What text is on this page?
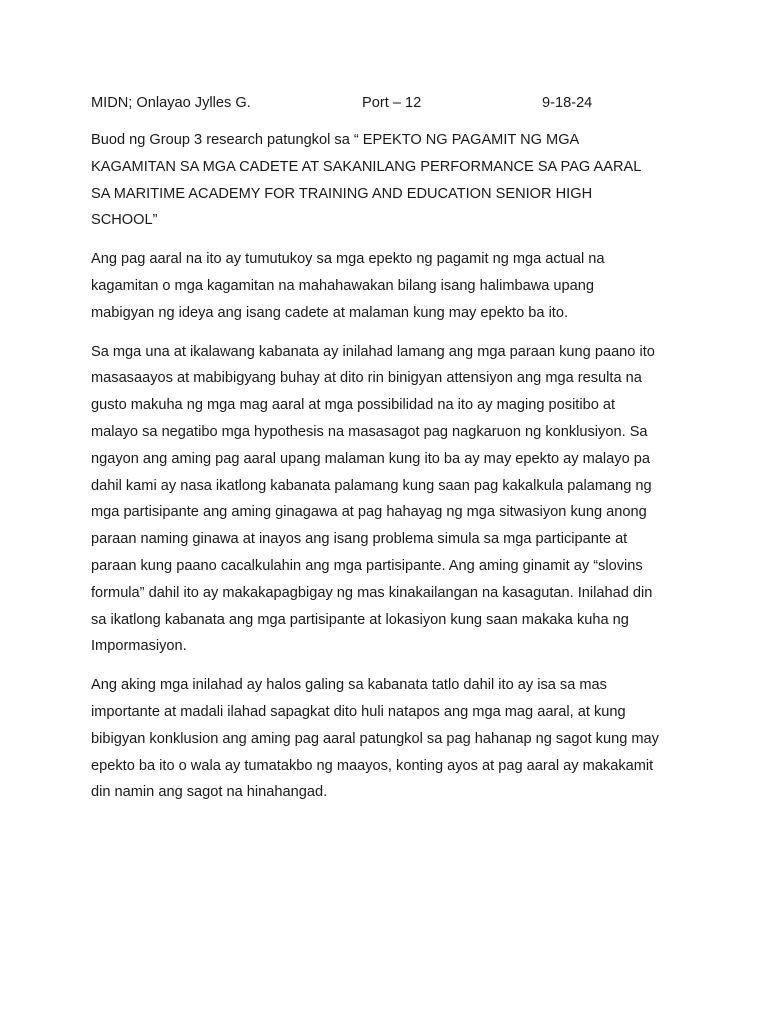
MIDN; Onlayao Jylles G.	Port – 12	9-18-24

Buod ng Group 3 research patungkol sa “ EPEKTO NG PAGAMIT NG MGA
KAGAMITAN SA MGA CADETE AT SAKANILANG PERFORMANCE SA PAG AARAL
SA MARITIME ACADEMY FOR TRAINING AND EDUCATION SENIOR HIGH
SCHOOL”

Ang pag aaral na ito ay tumutukoy sa mga epekto ng pagamit ng mga actual na
kagamitan o mga kagamitan na mahahawakan bilang isang halimbawa upang
mabigyan ng ideya ang isang cadete at malaman kung may epekto ba ito.

Sa mga una at ikalawang kabanata ay inilahad lamang ang mga paraan kung paano ito
masasaayos at mabibigyang buhay at dito rin binigyan attensiyon ang mga resulta na
gusto makuha ng mga mag aaral at mga possibilidad na ito ay maging positibo at
malayo sa negatibo mga hypothesis na masasagot pag nagkaruon ng konklusiyon. Sa
ngayon ang aming pag aaral upang malaman kung ito ba ay may epekto ay malayo pa
dahil kami ay nasa ikatlong kabanata palamang kung saan pag kakalkula palamang ng
mga partisipante ang aming ginagawa at pag hahayag ng mga sitwasiyon kung anong
paraan naming ginawa at inayos ang isang problema simula sa mga participante at
paraan kung paano cacalkulahin ang mga partisipante. Ang aming ginamit ay “slovins
formula” dahil ito ay makakapagbigay ng mas kinakailangan na kasagutan. Inilahad din
sa ikatlong kabanata ang mga partisipante at lokasiyon kung saan makaka kuha ng
Impormasiyon.

Ang aking mga inilahad ay halos galing sa kabanata tatlo dahil ito ay isa sa mas
importante at madali ilahad sapagkat dito huli natapos ang mga mag aaral, at kung
bibigyan konklusion ang aming pag aaral patungkol sa pag hahanap ng sagot kung may
epekto ba ito o wala ay tumatakbo ng maayos, konting ayos at pag aaral ay makakamit
din namin ang sagot na hinahangad.
